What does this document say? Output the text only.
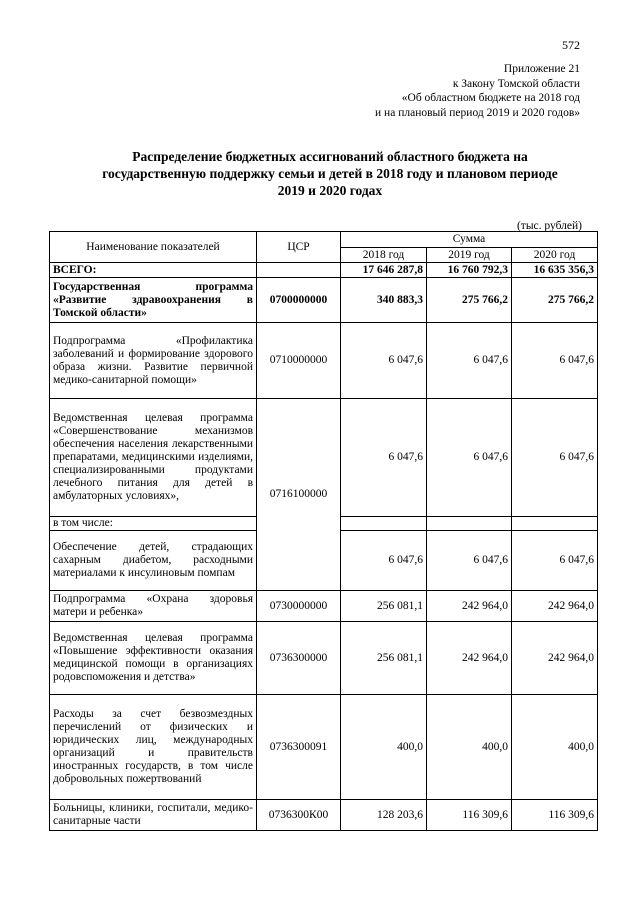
572
Приложение 21
к Закону Томской области
«Об областном бюджете на 2018 год
и на плановый период 2019 и 2020 годов»
Распределение бюджетных ассигнований областного бюджета на
государственную поддержку семьи и детей в 2018 году и плановом периоде
2019 и 2020 годах
(тыс. рублей)
Наименование показателей	ЦСР	Сумма		
		2018 год	2019 год	2020 год
ВСЕГО:		17 646 287,8	16 760 792,3	16 635 356,3
Государственная программа «Развитие здравоохранения в Томской области»	0700000000	340 883,3	275 766,2	275 766,2
Подпрограмма «Профилактика заболеваний и формирование здорового образа жизни. Развитие первичной медико-санитарной помощи»	0710000000	6 047,6	6 047,6	6 047,6
Ведомственная целевая программа «Совершенствование механизмов обеспечения населения лекарственными препаратами, медицинскими изделиями, специализированными продуктами лечебного питания для детей в амбулаторных условиях»,	0716100000	6 047,6	6 047,6	6 047,6
в том числе:				
Обеспечение детей, страдающих сахарным диабетом, расходными материалами к инсулиновым помпам		6 047,6	6 047,6	6 047,6
Подпрограмма «Охрана здоровья матери и ребенка»	0730000000	256 081,1	242 964,0	242 964,0
Ведомственная целевая программа «Повышение эффективности оказания медицинской помощи в организациях родовспоможения и детства»	0736300000	256 081,1	242 964,0	242 964,0
Расходы за счет безвозмездных перечислений от физических и юридических лиц, международных организаций и правительств иностранных государств, в том числе добровольных пожертвований	0736300091	400,0	400,0	400,0
Больницы, клиники, госпитали, медико-санитарные части	0736300К00	128 203,6	116 309,6	116 309,6
